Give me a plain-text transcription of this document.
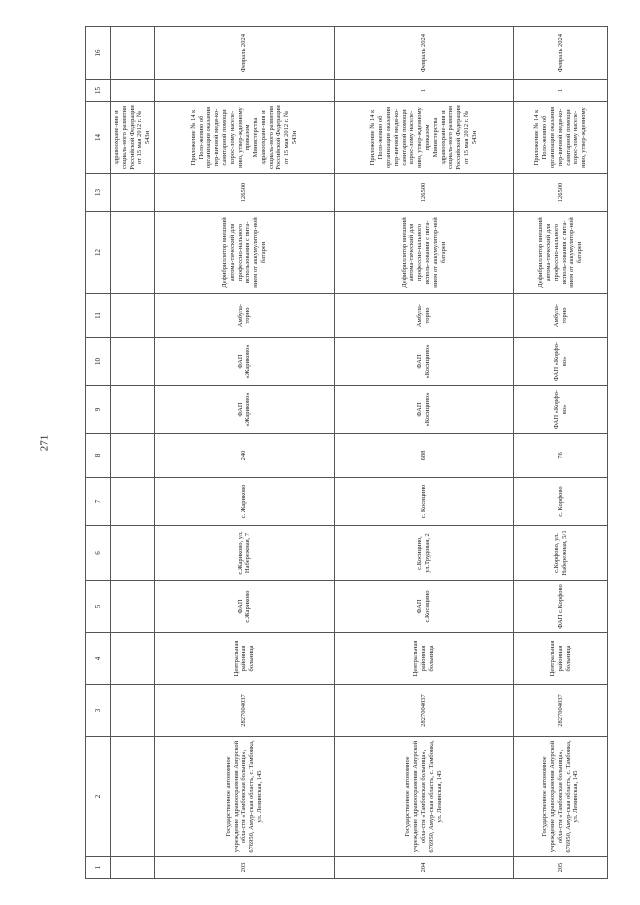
271
1	2	3	4	5	6	7	8	9	10	11	12	13	14	15	16
													здравоохране-ние и социаль-ного развития Российской Федерации от 15 мая 2012 г. № 543н		
203	Государственное автономное учреждение здравоохранения Амурской обла-сти «Тамбовская больница», 676950, Амур-ская область, с. Тамбовка, ул. Ленинская, 145	2827004037	Центральная районная больница	ФАП с.Жариково	с.Жариково, ул. Набережная, 7	с. Жариково	240	ФАП «Жариково»	ФАП «Жариково»	Амбула-торно	Дефибриллятор внешний автома-тический для профессио-нального использования с пита-нием от аккумулятор-ной батареи	126500	Приложение № 14 к Поло-жению об организации оказания пер-вичной меди-ко-санитарной помощи взрос-лому населе-нию, утвер-жденному приказом Министерства здравоохране-ния и социаль-ного развития Российской Федерации от 15 мая 2012 г. № 543н		Февраль 2024
204	Государственное автономное учреждение здравоохранения Амурской обла-сти «Тамбовская больница», 676950, Амур-ская область, с. Тамбовка, ул. Ленинская, 145	2827004037	Центральная районная больница	ФАП с.Косицино	с.Косицино, ул.Трудовая, 2	с. Косицино	688	ФАП «Косицино»	ФАП «Косицино»	Амбула-торно	Дефибриллятор внешний автома-тический для профессио-нального исполь-зования с пита-нием от аккумулятор-ной батареи	126500	Приложение № 14 к Поло-жению об организации оказания пер-вичной меди-ко-санитарной помощи взрос-лому населе-нию, утвер-жденному приказом Министерства здравоохране-ния и социаль-ного развития Российской Федерации от 15 мая 2012 г. № 543н	1	Февраль 2024
205	Государственное автономное учреждение здравоохранения Амурской обла-сти «Тамбовская больница», 676950, Амур-ская область, с. Тамбовка, ул. Ленинская, 145	2827004037	Центральная районная больница	ФАП с.Корфово	с.Корфово, ул. Набережная, 5/1	с. Корфово	76	ФАП «Корфо-во»	ФАП «Корфо-во»	Амбула-торно	Дефибриллятор внешний автома-тический для профессио-нального исполь-зования с пита-нием от аккумулятор-ной батареи	126500	Приложение № 14 к Поло-жению об организации оказания пер-вичной меди-ко-санитарной помощи взрос-лому населе-нию, утвер-жденному	1	Февраль 2024
